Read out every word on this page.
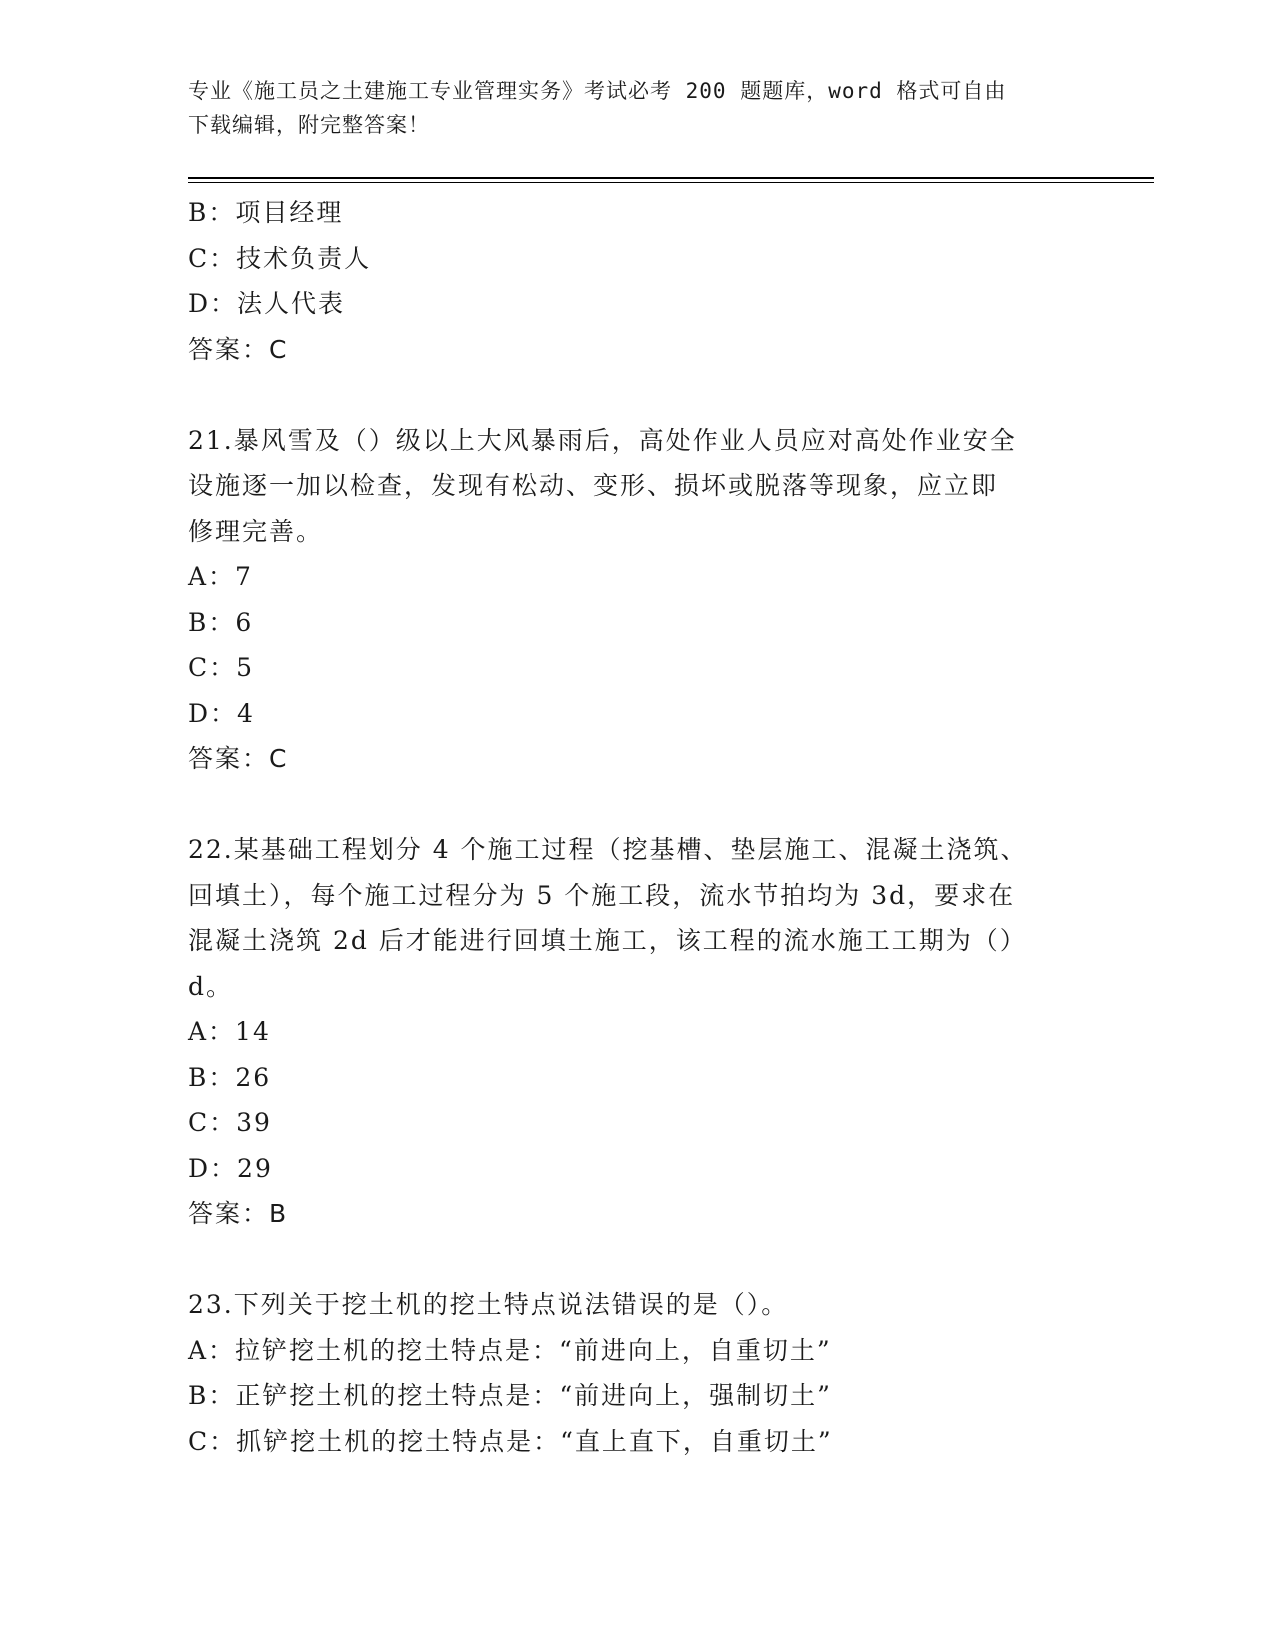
专业《施工员之土建施工专业管理实务》考试必考 200 题题库，word 格式可自由
下载编辑，附完整答案！
B：项目经理
C：技术负责人
D：法人代表
答案：C
21.暴风雪及（）级以上大风暴雨后，高处作业人员应对高处作业安全
设施逐一加以检查，发现有松动、变形、损坏或脱落等现象，应立即
修理完善。
A：7
B：6
C：5
D：4
答案：C
22.某基础工程划分 4 个施工过程（挖基槽、垫层施工、混凝土浇筑、
回填土），每个施工过程分为 5 个施工段，流水节拍均为 3d，要求在
混凝土浇筑 2d 后才能进行回填土施工，该工程的流水施工工期为（）
d。
A：14
B：26
C：39
D：29
答案：B
23.下列关于挖土机的挖土特点说法错误的是（）。
A：拉铲挖土机的挖土特点是：“前进向上，自重切土”
B：正铲挖土机的挖土特点是：“前进向上，强制切土”
C：抓铲挖土机的挖土特点是：“直上直下，自重切土”
